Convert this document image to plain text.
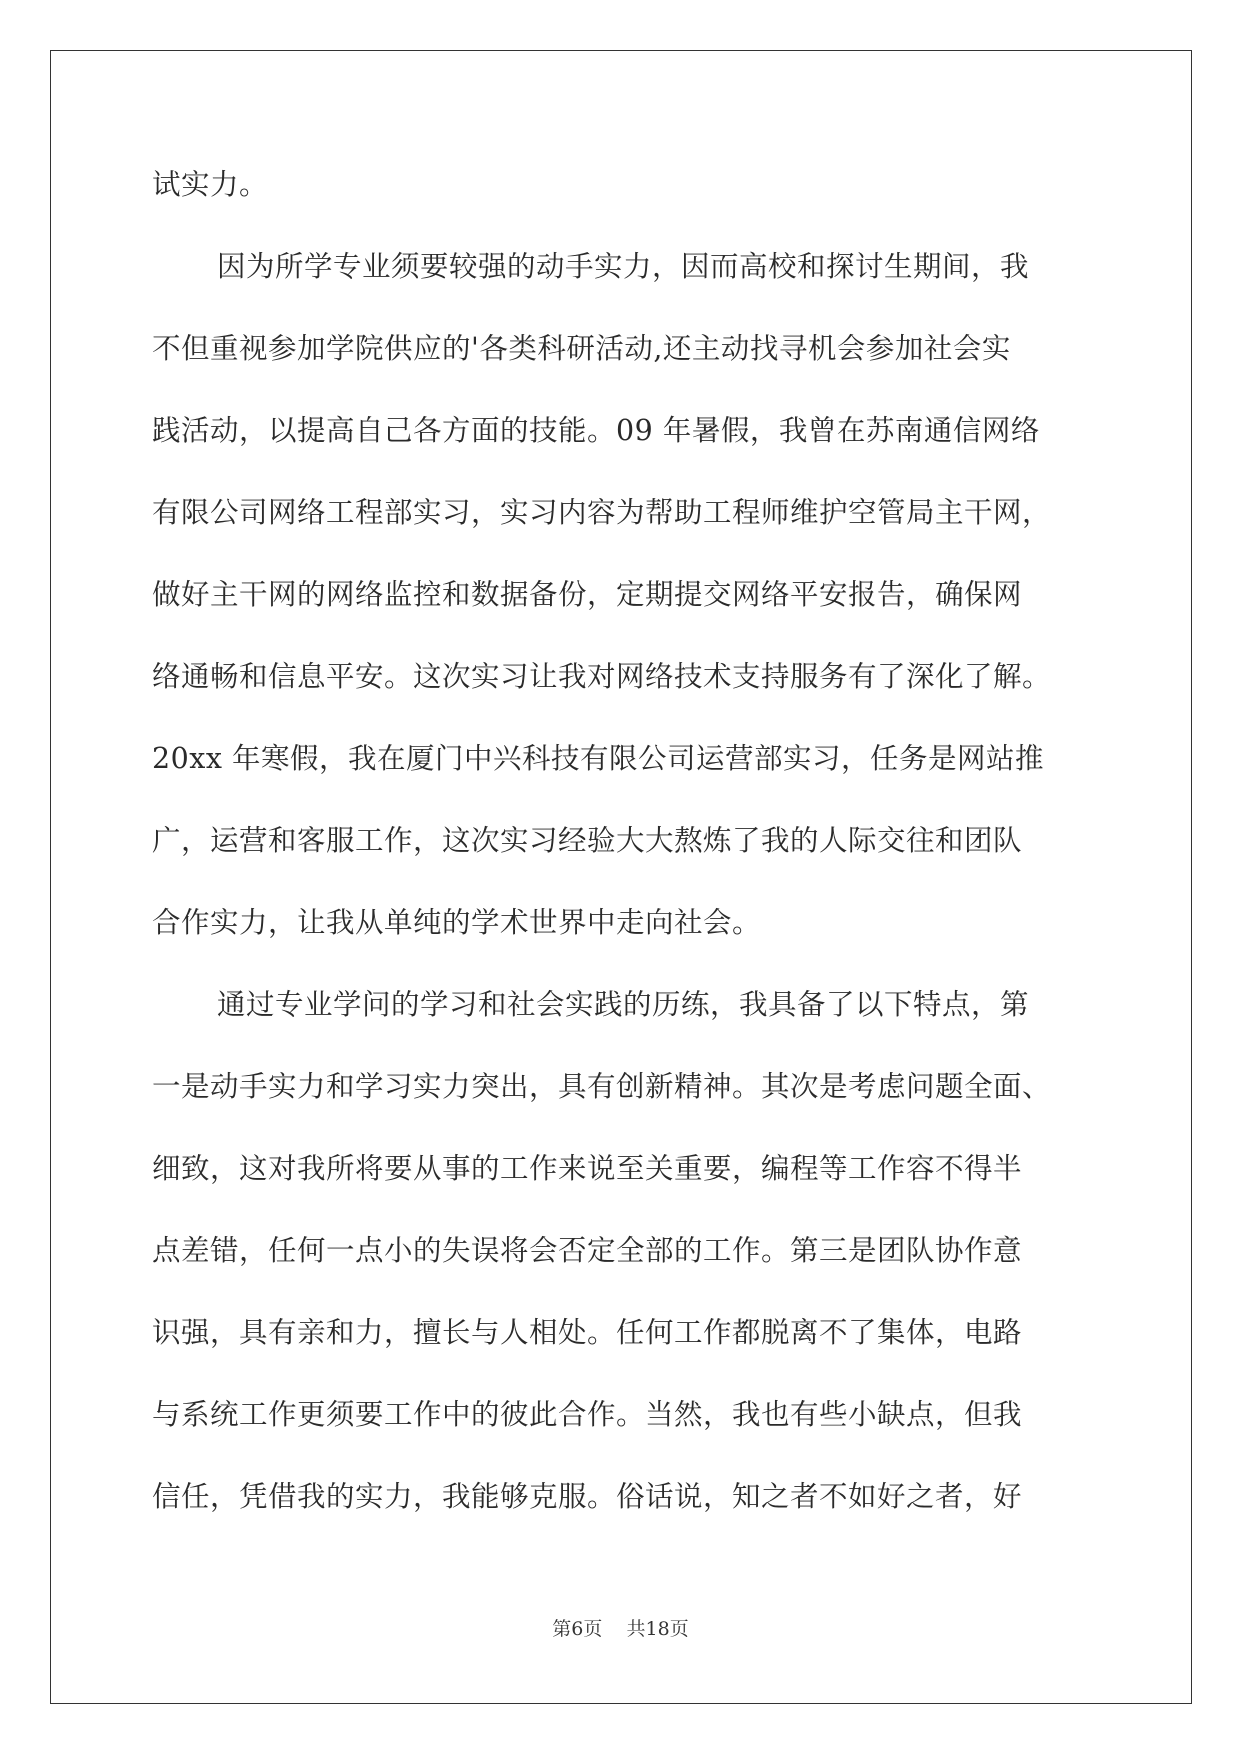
试实力。
因为所学专业须要较强的动手实力，因而高校和探讨生期间，我
不但重视参加学院供应的'各类科研活动,还主动找寻机会参加社会实
践活动，以提高自己各方面的技能。09 年暑假，我曾在苏南通信网络
有限公司网络工程部实习，实习内容为帮助工程师维护空管局主干网，
做好主干网的网络监控和数据备份，定期提交网络平安报告，确保网
络通畅和信息平安。这次实习让我对网络技术支持服务有了深化了解。
20xx 年寒假，我在厦门中兴科技有限公司运营部实习，任务是网站推
广，运营和客服工作，这次实习经验大大熬炼了我的人际交往和团队
合作实力，让我从单纯的学术世界中走向社会。
通过专业学问的学习和社会实践的历练，我具备了以下特点，第
一是动手实力和学习实力突出，具有创新精神。其次是考虑问题全面、
细致，这对我所将要从事的工作来说至关重要，编程等工作容不得半
点差错，任何一点小的失误将会否定全部的工作。第三是团队协作意
识强，具有亲和力，擅长与人相处。任何工作都脱离不了集体，电路
与系统工作更须要工作中的彼此合作。当然，我也有些小缺点，但我
信任，凭借我的实力，我能够克服。俗话说，知之者不如好之者，好
第6页 共18页
